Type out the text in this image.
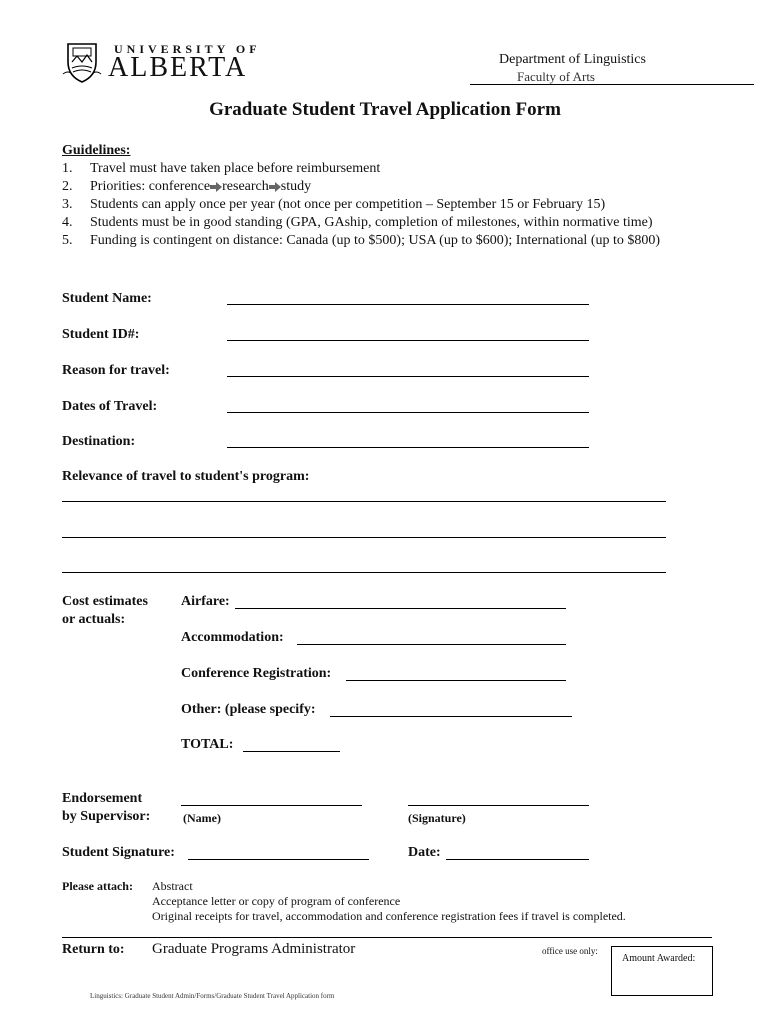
UNIVERSITY OF
ALBERTA	Department of Linguistics
Faculty of Arts
Graduate Student Travel Application Form
Guidelines:
1. Travel must have taken place before reimbursement
2. Priorities: conference research study
3. Students can apply once per year (not once per competition – September 15 or February 15)
4. Students must be in good standing (GPA, GAship, completion of milestones, within normative time)
5. Funding is contingent on distance: Canada (up to $500); USA (up to $600); International (up to $800)
Student Name:
Student ID#:
Reason for travel:
Dates of Travel:
Destination:
Relevance of travel to student's program:
Cost estimates
or actuals:
Airfare:
Accommodation:
Conference Registration:
Other: (please specify:
TOTAL:
Endorsement
by Supervisor:	(Name)	(Signature)
Student Signature:	Date:
Please attach: Abstract
Acceptance letter or copy of program of conference
Original receipts for travel, accommodation and conference registration fees if travel is completed.
Return to: Graduate Programs Administrator	office use only:
Amount Awarded:
Linguistics: Graduate Student Admin/Forms/Graduate Student Travel Application form
